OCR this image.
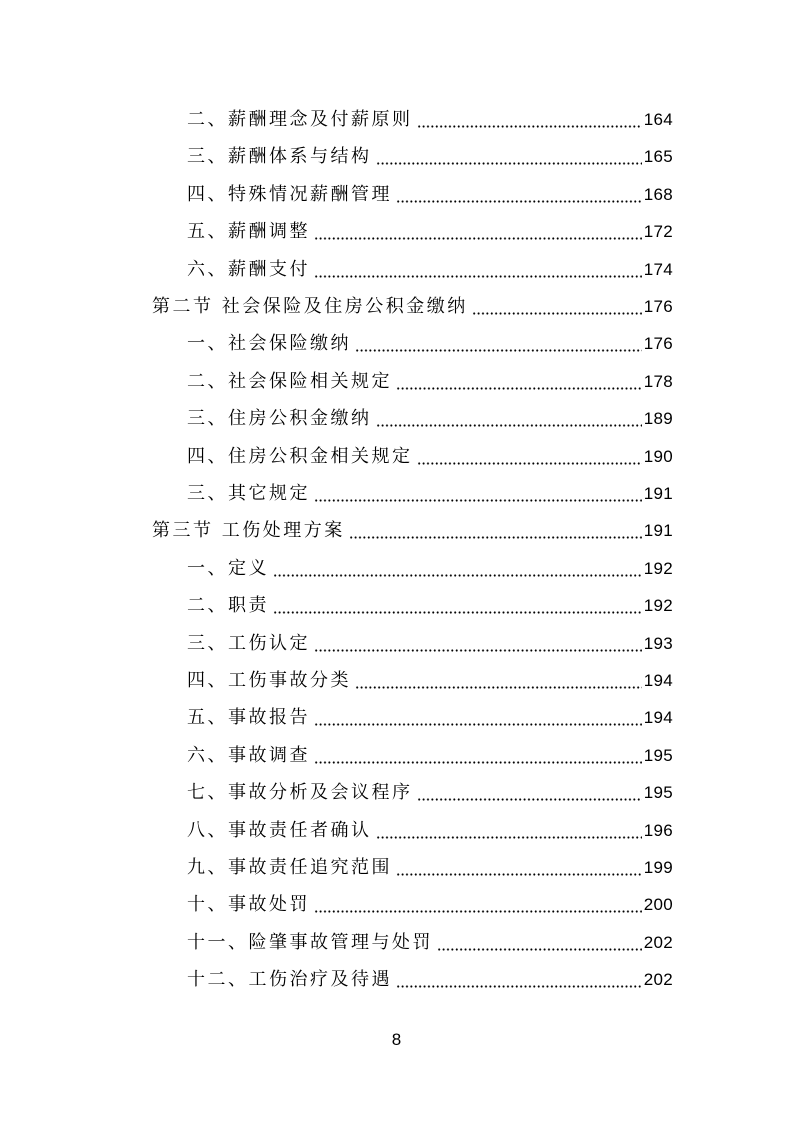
二、薪酬理念及付薪原则	164
三、薪酬体系与结构	165
四、特殊情况薪酬管理	168
五、薪酬调整	172
六、薪酬支付	174
第二节 社会保险及住房公积金缴纳	176
一、社会保险缴纳	176
二、社会保险相关规定	178
三、住房公积金缴纳	189
四、住房公积金相关规定	190
三、其它规定	191
第三节 工伤处理方案	191
一、定义	192
二、职责	192
三、工伤认定	193
四、工伤事故分类	194
五、事故报告	194
六、事故调查	195
七、事故分析及会议程序	195
八、事故责任者确认	196
九、事故责任追究范围	199
十、事故处罚	200
十一、险肇事故管理与处罚	202
十二、工伤治疗及待遇	202
8
